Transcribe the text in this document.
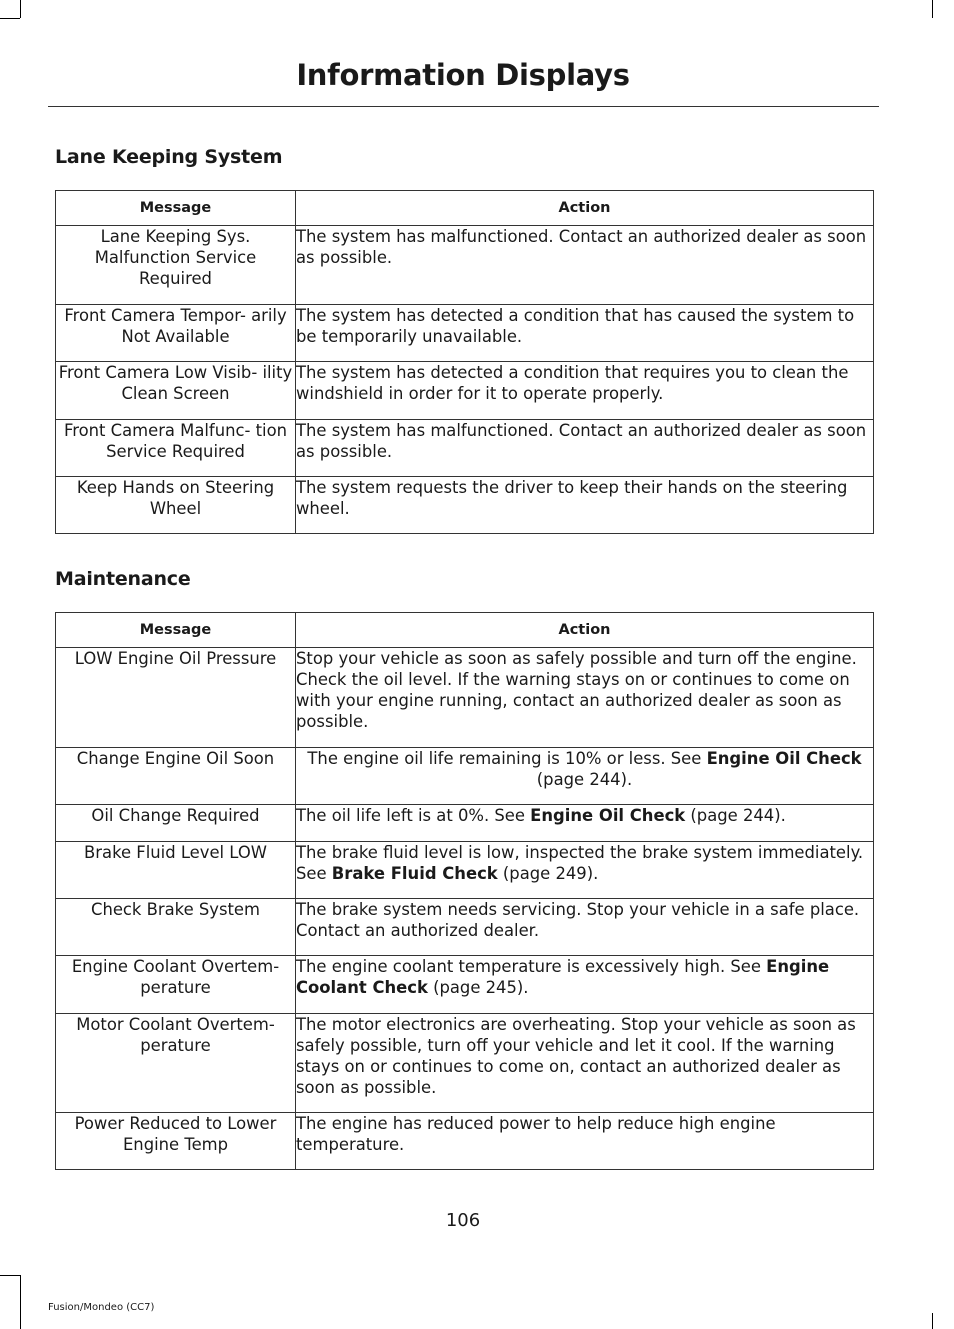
Information Displays
Lane Keeping System
Message	Action
Lane Keeping Sys. Malfunction Service Required	The system has malfunctioned. Contact an authorized dealer as soon as possible.
Front Camera Tempor- arily Not Available	The system has detected a condition that has caused the system to be temporarily unavailable.
Front Camera Low Visib- ility Clean Screen	The system has detected a condition that requires you to clean the windshield in order for it to operate properly.
Front Camera Malfunc- tion Service Required	The system has malfunctioned. Contact an authorized dealer as soon as possible.
Keep Hands on Steering Wheel	The system requests the driver to keep their hands on the steering wheel.
Maintenance
Message	Action
LOW Engine Oil Pressure	Stop your vehicle as soon as safely possible and turn off the engine. Check the oil level. If the warning stays on or continues to come on with your engine running, contact an authorized dealer as soon as possible.
Change Engine Oil Soon	The engine oil life remaining is 10% or less. See Engine Oil Check (page 244).
Oil Change Required	The oil life left is at 0%. See Engine Oil Check (page 244).
Brake Fluid Level LOW	The brake fluid level is low, inspected the brake system immediately. See Brake Fluid Check (page 249).
Check Brake System	The brake system needs servicing. Stop your vehicle in a safe place. Contact an authorized dealer.
Engine Coolant Overtem- perature	The engine coolant temperature is excessively high. See Engine Coolant Check (page 245).
Motor Coolant Overtem- perature	The motor electronics are overheating. Stop your vehicle as soon as safely possible, turn off your vehicle and let it cool. If the warning stays on or continues to come on, contact an authorized dealer as soon as possible.
Power Reduced to Lower Engine Temp	The engine has reduced power to help reduce high engine temperature.
106
Fusion/Mondeo (CC7)
